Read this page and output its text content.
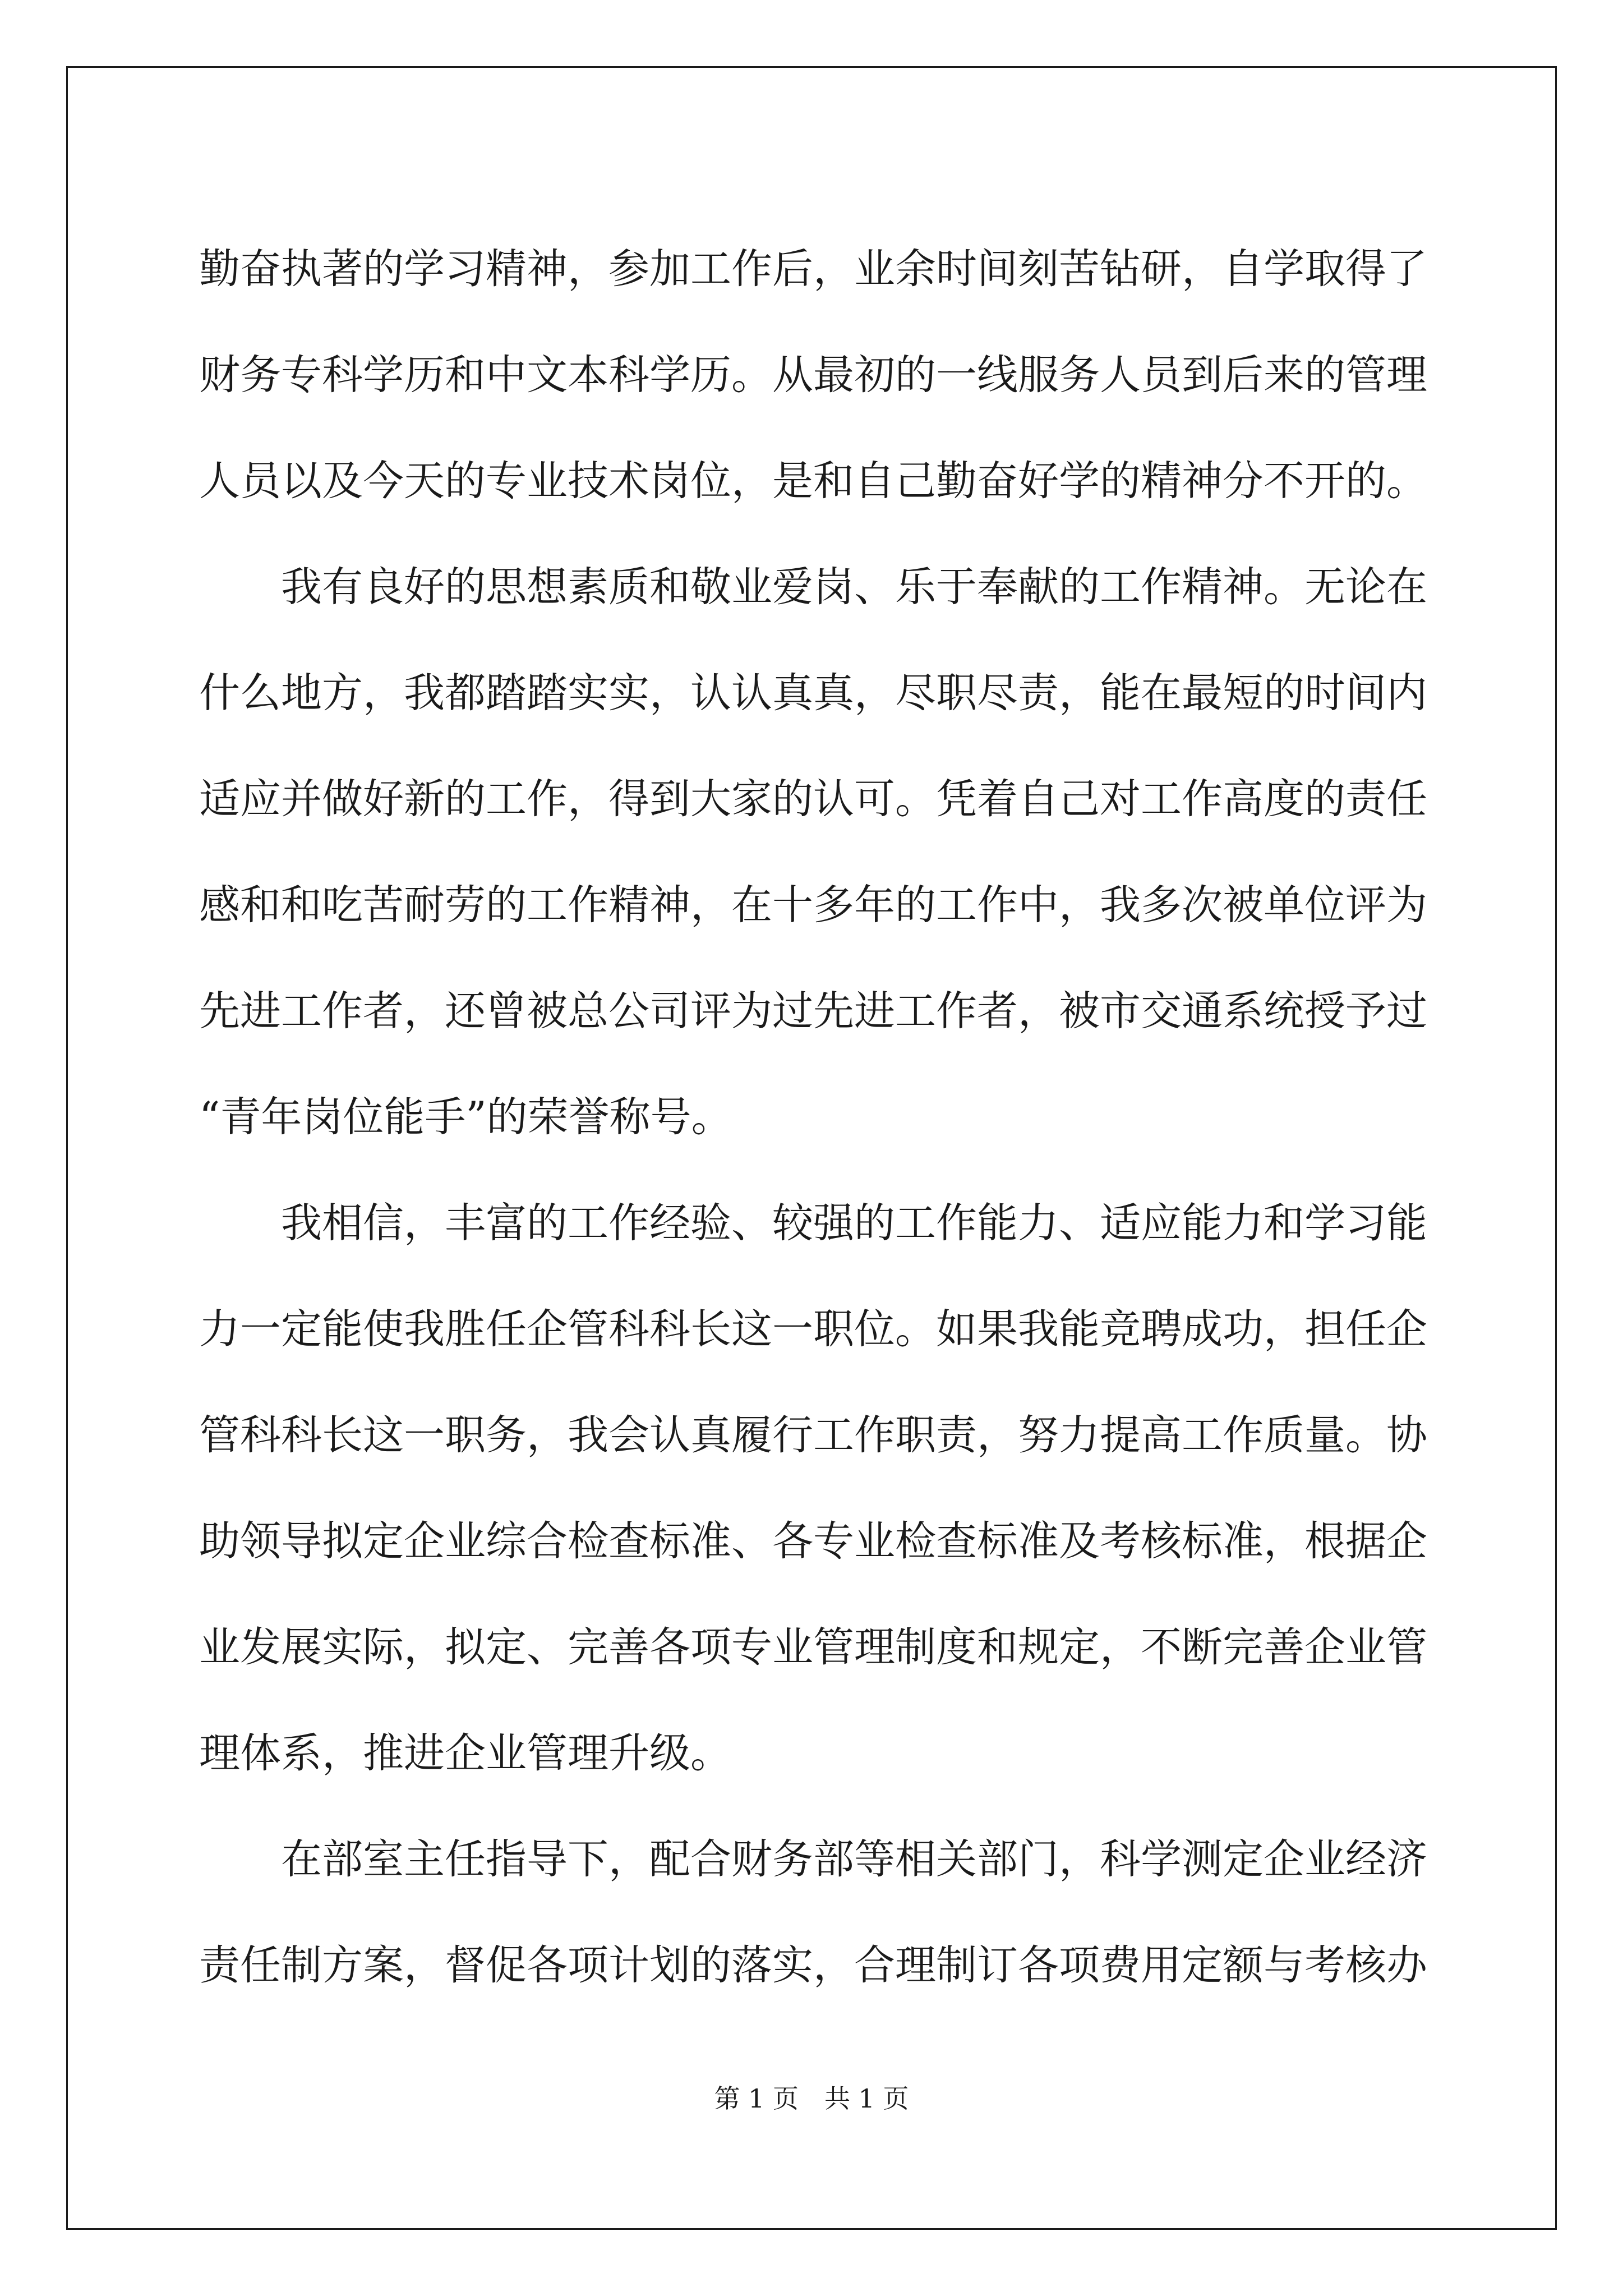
勤奋执著的学习精神，参加工作后，业余时间刻苦钻研，自学取得了
财务专科学历和中文本科学历。从最初的一线服务人员到后来的管理
人员以及今天的专业技术岗位，是和自己勤奋好学的精神分不开的。
我有良好的思想素质和敬业爱岗、乐于奉献的工作精神。无论在
什么地方，我都踏踏实实，认认真真，尽职尽责，能在最短的时间内
适应并做好新的工作，得到大家的认可。凭着自己对工作高度的责任
感和和吃苦耐劳的工作精神，在十多年的工作中，我多次被单位评为
先进工作者，还曾被总公司评为过先进工作者，被市交通系统授予过
“青年岗位能手”的荣誉称号。
我相信，丰富的工作经验、较强的工作能力、适应能力和学习能
力一定能使我胜任企管科科长这一职位。如果我能竞聘成功，担任企
管科科长这一职务，我会认真履行工作职责，努力提高工作质量。协
助领导拟定企业综合检查标准、各专业检查标准及考核标准，根据企
业发展实际，拟定、完善各项专业管理制度和规定，不断完善企业管
理体系，推进企业管理升级。
在部室主任指导下，配合财务部等相关部门，科学测定企业经济
责任制方案，督促各项计划的落实，合理制订各项费用定额与考核办
第 1 页　共 1 页
